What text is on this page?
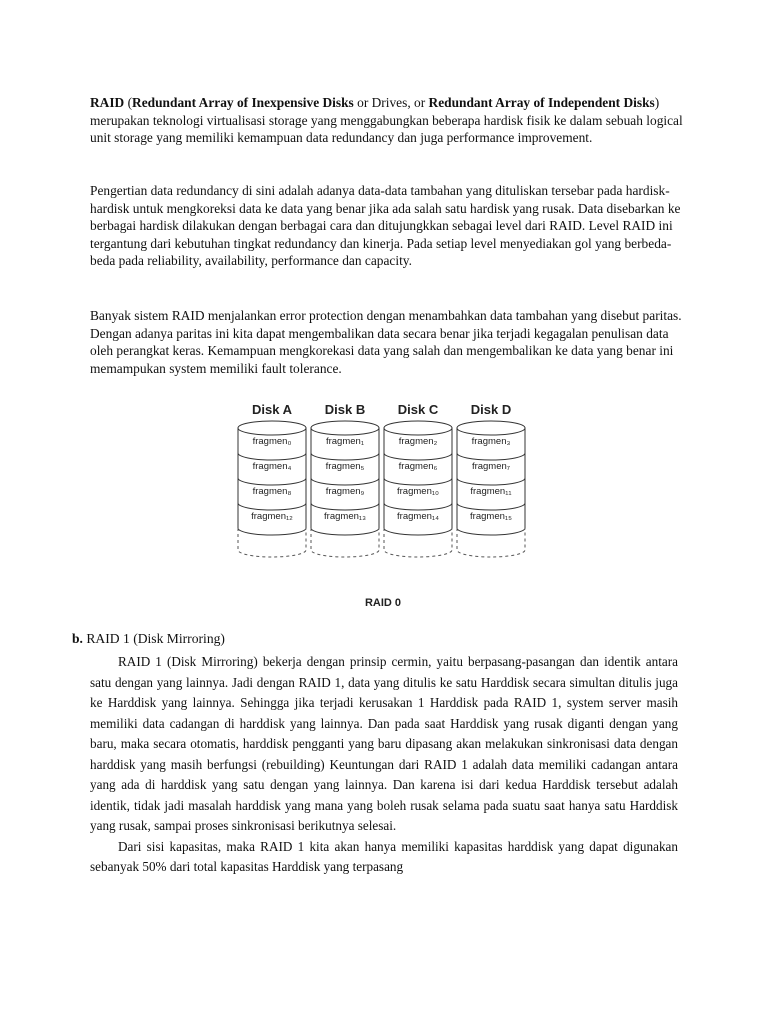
RAID (Redundant Array of Inexpensive Disks or Drives, or Redundant Array of Independent Disks) merupakan teknologi virtualisasi storage yang menggabungkan beberapa hardisk fisik ke dalam sebuah logical unit storage yang memiliki kemampuan data redundancy dan juga performance improvement.
Pengertian data redundancy di sini adalah adanya data-data tambahan yang dituliskan tersebar pada hardisk-hardisk untuk mengkoreksi data ke data yang benar jika ada salah satu hardisk yang rusak. Data disebarkan ke berbagai hardisk dilakukan dengan berbagai cara dan ditujungkkan sebagai level dari RAID. Level RAID ini tergantung dari kebutuhan tingkat redundancy dan kinerja. Pada setiap level menyediakan gol yang berbeda-beda pada reliability, availability, performance dan capacity.
Banyak sistem RAID menjalankan error protection dengan menambahkan data tambahan yang disebut paritas. Dengan adanya paritas ini kita dapat mengembalikan data secara benar jika terjadi kegagalan penulisan data oleh perangkat keras. Kemampuan mengkorekasi data yang salah dan mengembalikan ke data yang benar ini memampukan system memiliki fault tolerance.
Disk A
fragmen₀
fragmen₄
fragmen₈
fragmen₁₂
Disk B
fragmen₁
fragmen₅
fragmen₉
fragmen₁₃
Disk C
fragmen₂
fragmen₆
fragmen₁₀
fragmen₁₄
Disk D
fragmen₃
fragmen₇
fragmen₁₁
fragmen₁₅
RAID 0
b. RAID 1 (Disk Mirroring)

RAID 1 (Disk Mirroring) bekerja dengan prinsip cermin, yaitu berpasang-pasangan dan identik antara satu dengan yang lainnya. Jadi dengan RAID 1, data yang ditulis ke satu Harddisk secara simultan ditulis juga ke Harddisk yang lainnya. Sehingga jika terjadi kerusakan 1 Harddisk pada RAID 1, system server masih memiliki data cadangan di harddisk yang lainnya. Dan pada saat Harddisk yang rusak diganti dengan yang baru, maka secara otomatis, harddisk pengganti yang baru dipasang akan melakukan sinkronisasi data dengan harddisk yang masih berfungsi (rebuilding) Keuntungan dari RAID 1 adalah data memiliki cadangan antara yang ada di harddisk yang satu dengan yang lainnya. Dan karena isi dari kedua Harddisk tersebut adalah identik, tidak jadi masalah harddisk yang mana yang boleh rusak selama pada suatu saat hanya satu Harddisk yang rusak, sampai proses sinkronisasi berikutnya selesai.

Dari sisi kapasitas, maka RAID 1 kita akan hanya memiliki kapasitas harddisk yang dapat digunakan sebanyak 50% dari total kapasitas Harddisk yang terpasang
